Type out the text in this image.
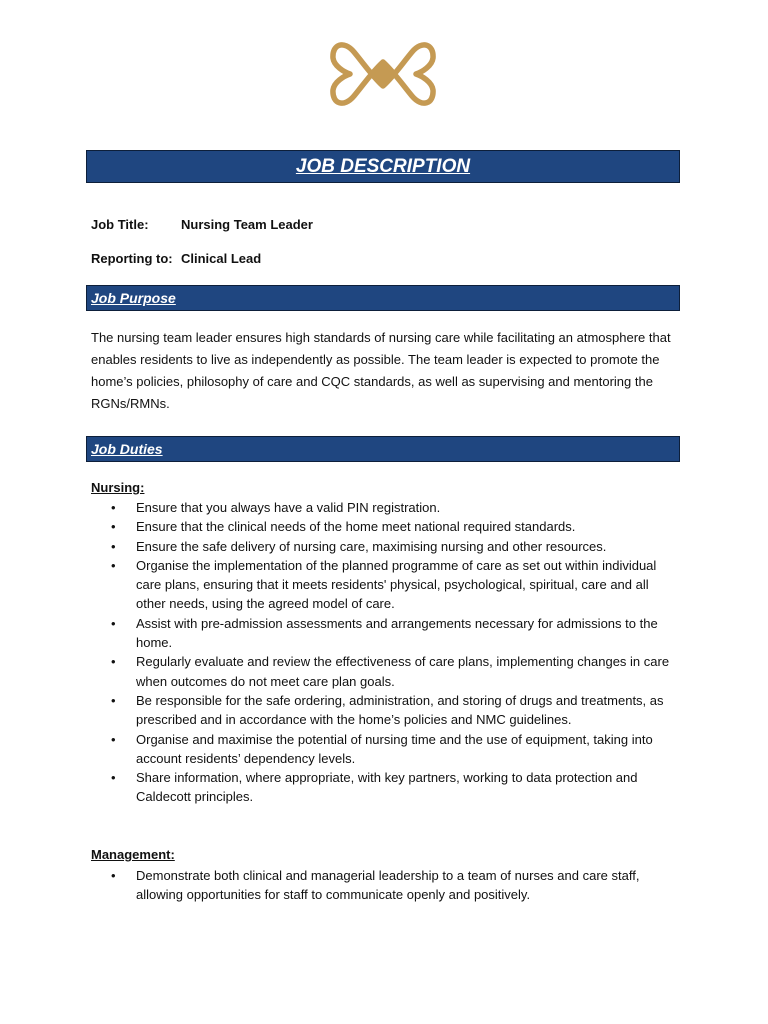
JOB DESCRIPTION
Job Title: Nursing Team Leader
Reporting to: Clinical Lead
Job Purpose

The nursing team leader ensures high standards of nursing care while facilitating an atmosphere that enables residents to live as independently as possible. The team leader is expected to promote the home’s policies, philosophy of care and CQC standards, as well as supervising and mentoring the RGNs/RMNs.

Job Duties
Nursing:
• Ensure that you always have a valid PIN registration.
• Ensure that the clinical needs of the home meet national required standards.
• Ensure the safe delivery of nursing care, maximising nursing and other resources.
• Organise the implementation of the planned programme of care as set out within individual care plans, ensuring that it meets residents' physical, psychological, spiritual, care and all other needs, using the agreed model of care.
• Assist with pre-admission assessments and arrangements necessary for admissions to the home.
• Regularly evaluate and review the effectiveness of care plans, implementing changes in care when outcomes do not meet care plan goals.
• Be responsible for the safe ordering, administration, and storing of drugs and treatments, as prescribed and in accordance with the home’s policies and NMC guidelines.
• Organise and maximise the potential of nursing time and the use of equipment, taking into account residents’ dependency levels.
• Share information, where appropriate, with key partners, working to data protection and Caldecott principles.
Management:
• Demonstrate both clinical and managerial leadership to a team of nurses and care staff, allowing opportunities for staff to communicate openly and positively.
